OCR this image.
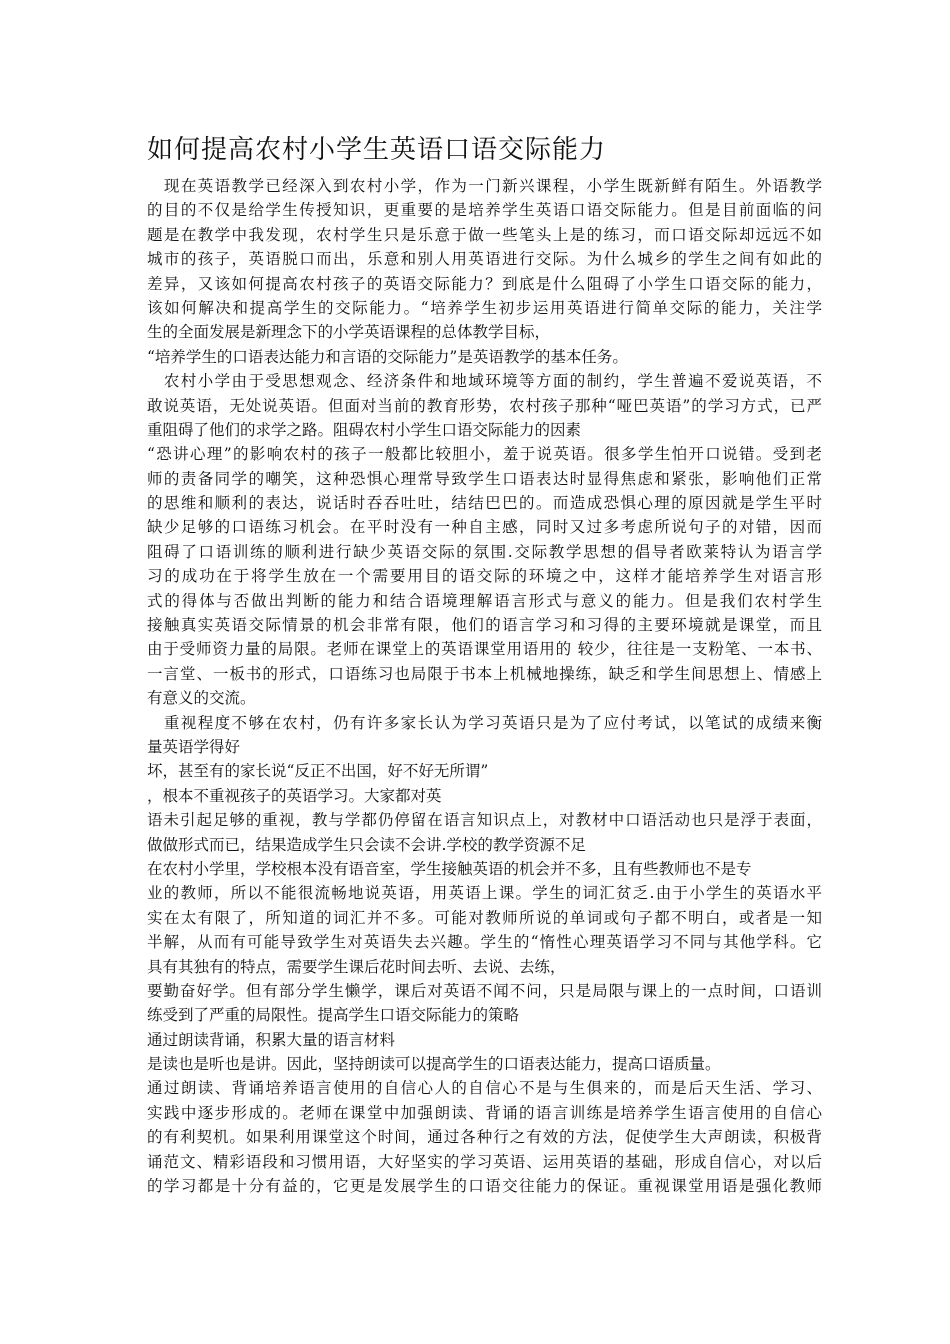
如何提高农村小学生英语口语交际能力
　现在英语教学已经深入到农村小学，作为一门新兴课程，小学生既新鲜有陌生。外语教学
的目的不仅是给学生传授知识，更重要的是培养学生英语口语交际能力。但是目前面临的问
题是在教学中我发现，农村学生只是乐意于做一些笔头上是的练习，而口语交际却远远不如
城市的孩子，英语脱口而出，乐意和别人用英语进行交际。为什么城乡的学生之间有如此的
差异，又该如何提高农村孩子的英语交际能力？到底是什么阻碍了小学生口语交际的能力，
该如何解决和提高学生的交际能力。“培养学生初步运用英语进行简单交际的能力，关注学
生的全面发展是新理念下的小学英语课程的总体教学目标，
“培养学生的口语表达能力和言语的交际能力”是英语教学的基本任务。
　农村小学由于受思想观念、经济条件和地域环境等方面的制约，学生普遍不爱说英语，不
敢说英语，无处说英语。但面对当前的教育形势，农村孩子那种“哑巴英语”的学习方式，已严
重阻碍了他们的求学之路。阻碍农村小学生口语交际能力的因素
“恐讲心理”的影响农村的孩子一般都比较胆小，羞于说英语。很多学生怕开口说错。受到老
师的责备同学的嘲笑，这种恐惧心理常导致学生口语表达时显得焦虑和紧张，影响他们正常
的思维和顺利的表达，说话时吞吞吐吐，结结巴巴的。而造成恐惧心理的原因就是学生平时
缺少足够的口语练习机会。在平时没有一种自主感，同时又过多考虑所说句子的对错，因而
阻碍了口语训练的顺利进行缺少英语交际的氛围.交际教学思想的倡导者欧莱特认为语言学
习的成功在于将学生放在一个需要用目的语交际的环境之中，这样才能培养学生对语言形
式的得体与否做出判断的能力和结合语境理解语言形式与意义的能力。但是我们农村学生
接触真实英语交际情景的机会非常有限，他们的语言学习和习得的主要环境就是课堂，而且
由于受师资力量的局限。老师在课堂上的英语课堂用语用的 较少，往往是一支粉笔、一本书、
一言堂、一板书的形式，口语练习也局限于书本上机械地操练，缺乏和学生间思想上、情感上
有意义的交流。
　重视程度不够在农村，仍有许多家长认为学习英语只是为了应付考试，以笔试的成绩来衡
量英语学得好
坏，甚至有的家长说“反正不出国，好不好无所谓”
，根本不重视孩子的英语学习。大家都对英
语未引起足够的重视，教与学都仍停留在语言知识点上，对教材中口语活动也只是浮于表面，
做做形式而已，结果造成学生只会读不会讲.学校的教学资源不足
在农村小学里，学校根本没有语音室，学生接触英语的机会并不多，且有些教师也不是专
业的教师，所以不能很流畅地说英语，用英语上课。学生的词汇贫乏.由于小学生的英语水平
实在太有限了，所知道的词汇并不多。可能对教师所说的单词或句子都不明白，或者是一知
半解，从而有可能导致学生对英语失去兴趣。学生的“惰性心理英语学习不同与其他学科。它
具有其独有的特点，需要学生课后花时间去听、去说、去练，
要勤奋好学。但有部分学生懒学，课后对英语不闻不问，只是局限与课上的一点时间，口语训
练受到了严重的局限性。提高学生口语交际能力的策略
通过朗读背诵，积累大量的语言材料
是读也是听也是讲。因此，坚持朗读可以提高学生的口语表达能力，提高口语质量。
通过朗读、背诵培养语言使用的自信心人的自信心不是与生俱来的，而是后天生活、学习、
实践中逐步形成的。老师在课堂中加强朗读、背诵的语言训练是培养学生语言使用的自信心
的有利契机。如果利用课堂这个时间，通过各种行之有效的方法，促使学生大声朗读，积极背
诵范文、精彩语段和习惯用语，大好坚实的学习英语、运用英语的基础，形成自信心，对以后
的学习都是十分有益的，它更是发展学生的口语交往能力的保证。重视课堂用语是强化教师
